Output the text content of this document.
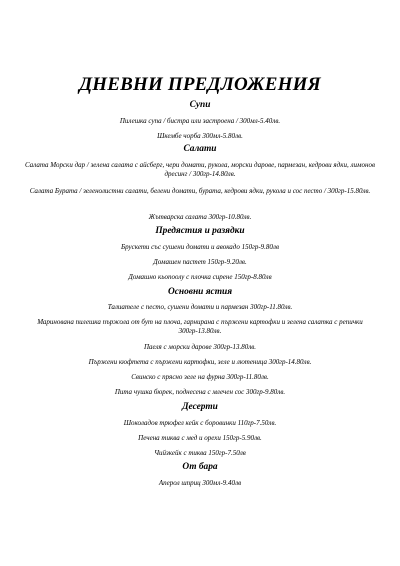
ДНЕВНИ ПРЕДЛОЖЕНИЯ

Супи

Пилешка супа / бистра или застроена / 300мл-5.40лв.

Шкембе чорба 300мл-5.80лв.

Салати

Салата Морски дар / зелена салата с айсберг, чери домати, рукола, морски дарове, пармезан, кедрови ядки, лимонов дресинг / 300гр-14.80лв.

Салата Бурата / зеленолистни салати, белени домати, бурата, кедрови ядки, рукола и сос песто / 300гр-15.80лв.

Жътварска салата 300гр-10.80лв.

Предястия и разядки

Брускети със сушени домати и авокадо 150гр-9.80лв

Домашен пастет 150гр-9.20лв.

Домашно кьопоолу с плочка сирене 150гр-8.80лв

Основни ястия

Талиателе с песто, сушени домати и пармезан 300гр-11.80лв.

Маринована пилешка пържола от бут на плоча, гарнирана с пържени картофки и зелена салатка с репички 300гр-13.80лв.

Паеля с морски дарове 300гр-13.80лв.

Пържени кюфтета с пържени картофки, зеле и лютеница 300гр-14.80лв.

Свинско с прясно зеле на фурна 300гр-11.80лв.

Пита чушка бюрек, поднесена с млечен сос 300гр-9.80лв.

Десерти

Шоколадов трюфел кейк с боровинки 110гр-7.50лв.

Печена тиква с мед и орехи 150гр-5.90лв.

Чийзкейк с тиква 150гр-7.50лв

От бара

Аперол шприц 300мл-9.40лв
